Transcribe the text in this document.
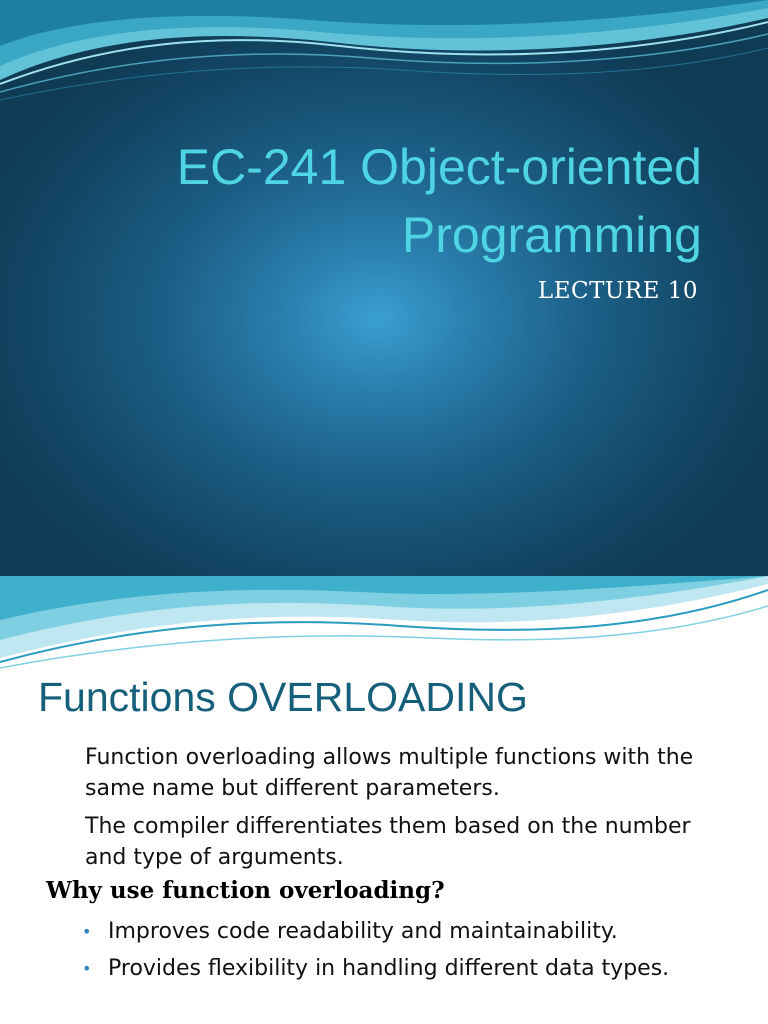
EC-241 Object-oriented Programming

LECTURE 10

Functions OVERLOADING

Function overloading allows multiple functions with the same name but different parameters.

The compiler differentiates them based on the number and type of arguments.

Why use function overloading?
• Improves code readability and maintainability.
• Provides flexibility in handling different data types.
